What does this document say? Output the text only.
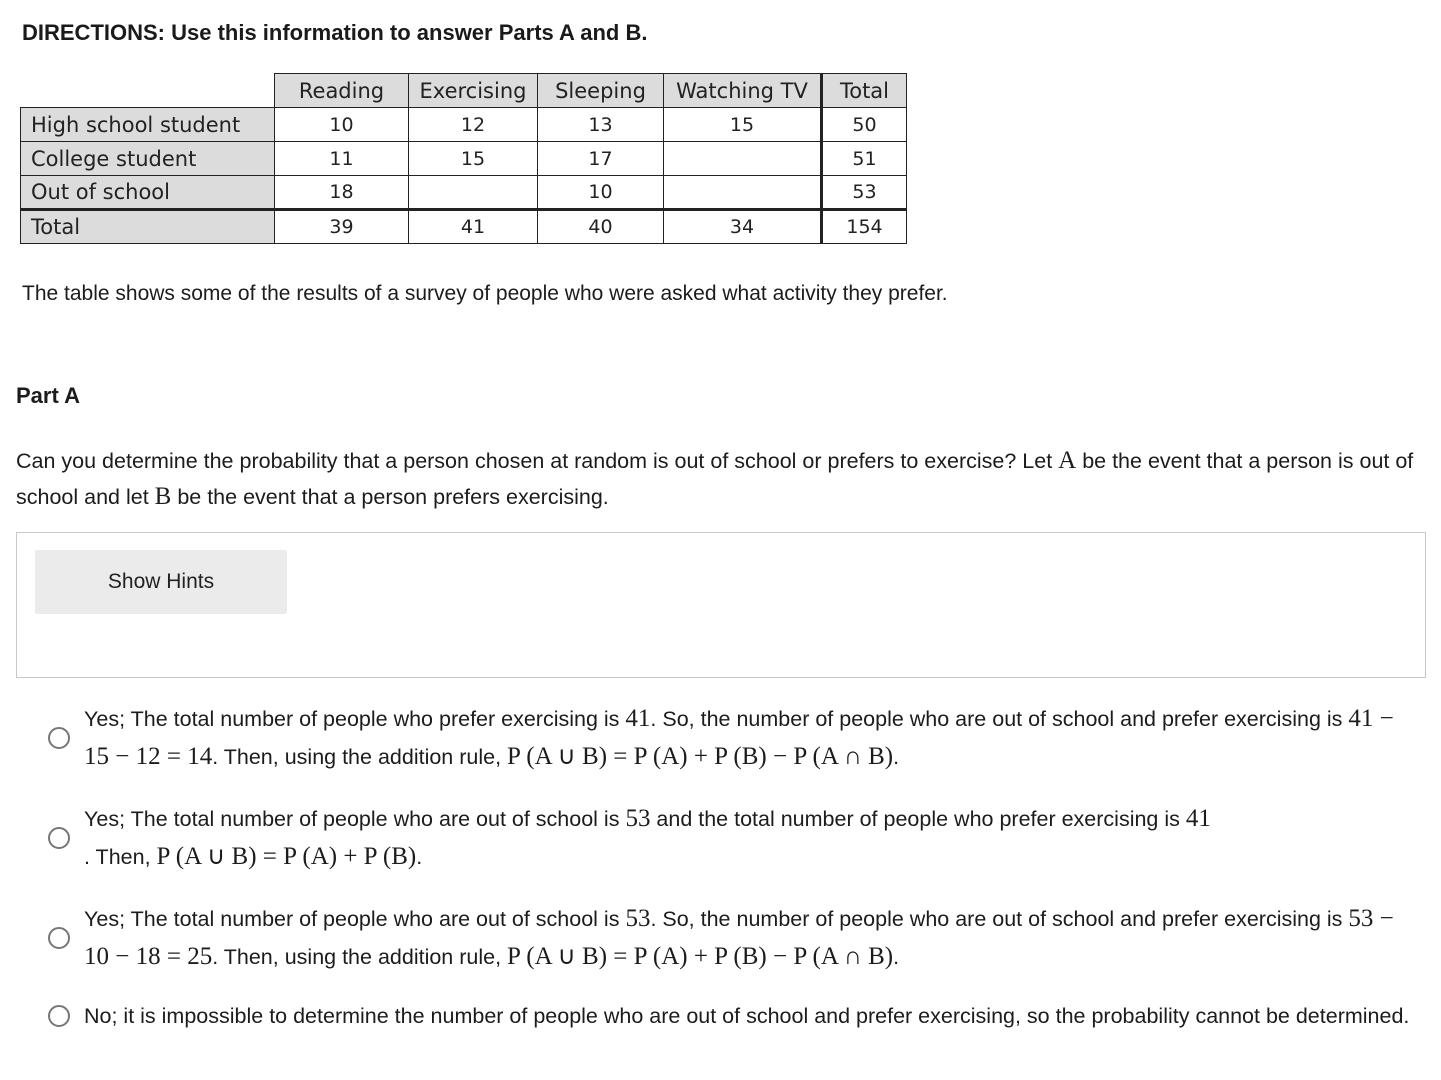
DIRECTIONS: Use this information to answer Parts A and B.
	Reading	Exercising	Sleeping	Watching TV	Total
High school student	10	12	13	15	50
College student	11	15	17		51
Out of school	18		10		53
Total	39	41	40	34	154

The table shows some of the results of a survey of people who were asked what activity they prefer.

Part A

Can you determine the probability that a person chosen at random is out of school or prefers to exercise? Let A be the event that a person is out of school and let B be the event that a person prefers exercising.

Show Hints
Yes; The total number of people who prefer exercising is 41. So, the number of people who are out of school and prefer exercising is 41 − 15 − 12 = 14. Then, using the addition rule, P (A ∪ B) = P (A) + P (B) − P (A ∩ B).
Yes; The total number of people who are out of school is 53 and the total number of people who prefer exercising is 41
. Then, P (A ∪ B) = P (A) + P (B).
Yes; The total number of people who are out of school is 53. So, the number of people who are out of school and prefer exercising is 53 − 10 − 18 = 25. Then, using the addition rule, P (A ∪ B) = P (A) + P (B) − P (A ∩ B).
No; it is impossible to determine the number of people who are out of school and prefer exercising, so the probability cannot be determined.
